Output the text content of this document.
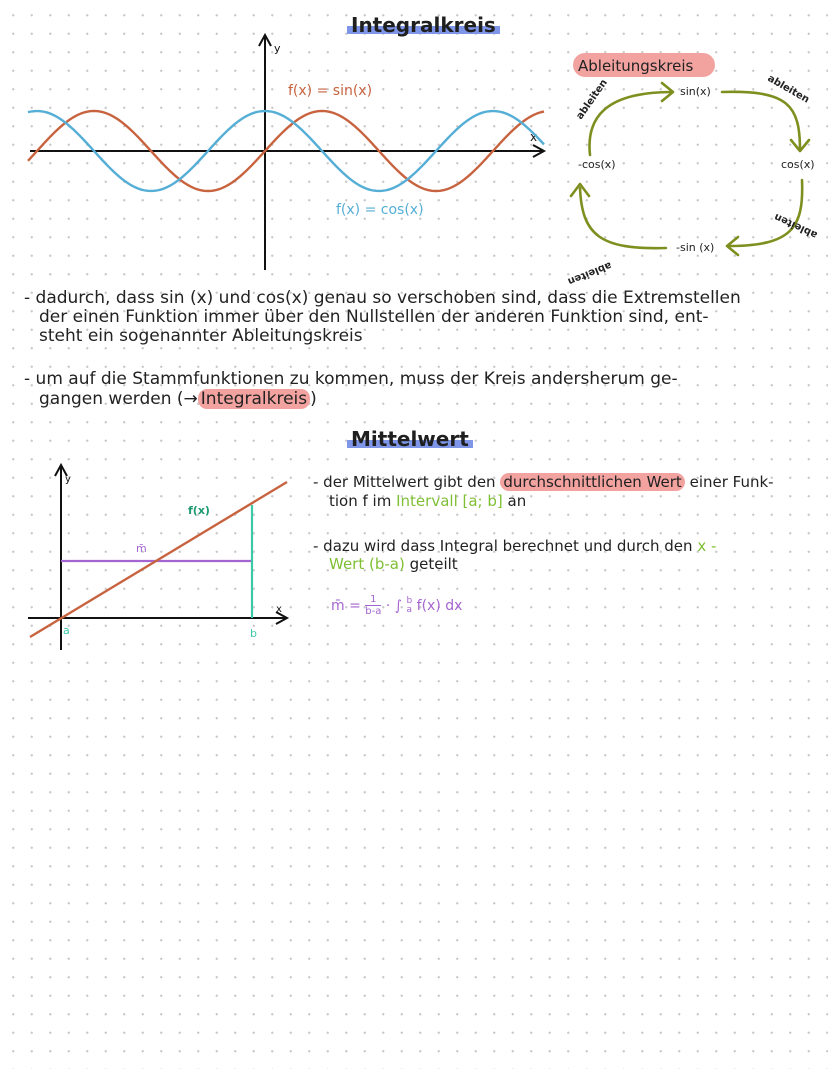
Integralkreis
y
x
f(x) = sin(x)
f(x) = cos(x)
Ableitungskreis
sin(x)
cos(x)
-sin (x)
-cos(x)
ableiten	ableiten
ableiten
ableiten
- dadurch, dass sin (x) und cos(x) genau so verschoben sind, dass die Extremstellen
der einen Funktion immer über den Nullstellen der anderen Funktion sind, ent-
steht ein sogenannter Ableitungskreis
- um auf die Stammfunktionen zu kommen, muss der Kreis andersherum ge-
gangen werden (→ Integralkreis )
Mittelwert
y
x
f(x)
m̄
a	b
- der Mittelwert gibt den durchschnittlichen Wert einer Funk-
tion f im Intervall [a; b] an
- dazu wird dass Integral berechnet und durch den x -
Wert (b-a) geteilt
m̄ = $\frac{1}{b-a}$ · ∫ b
a f(x) dx
